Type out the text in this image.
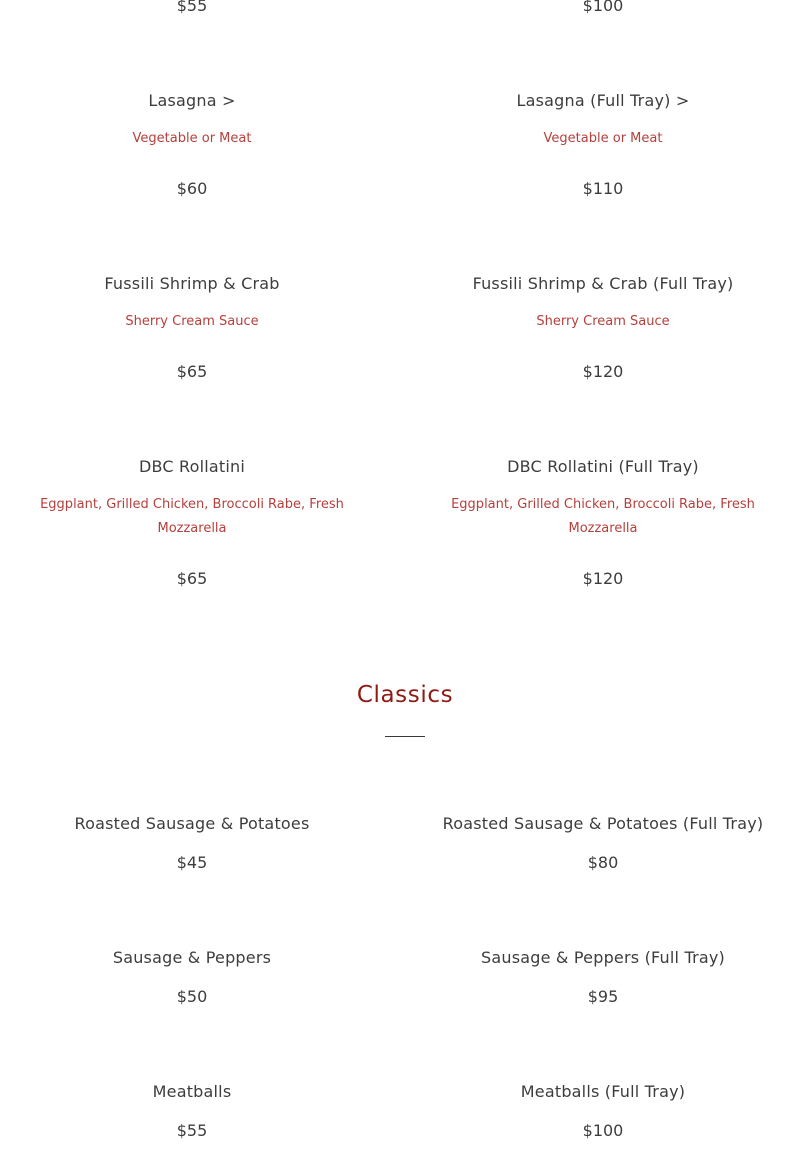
$55	$100
Lasagna >
Vegetable or Meat
$60
Lasagna (Full Tray) >
Vegetable or Meat
$110
Fussili Shrimp & Crab
Sherry Cream Sauce
$65
Fussili Shrimp & Crab (Full Tray)
Sherry Cream Sauce
$120
DBC Rollatini
Eggplant, Grilled Chicken, Broccoli Rabe, Fresh Mozzarella
$65
DBC Rollatini (Full Tray)
Eggplant, Grilled Chicken, Broccoli Rabe, Fresh Mozzarella
$120
Classics
Roasted Sausage & Potatoes
$45
Roasted Sausage & Potatoes (Full Tray)
$80
Sausage & Peppers
$50
Sausage & Peppers (Full Tray)
$95
Meatballs
$55
Meatballs (Full Tray)
$100
